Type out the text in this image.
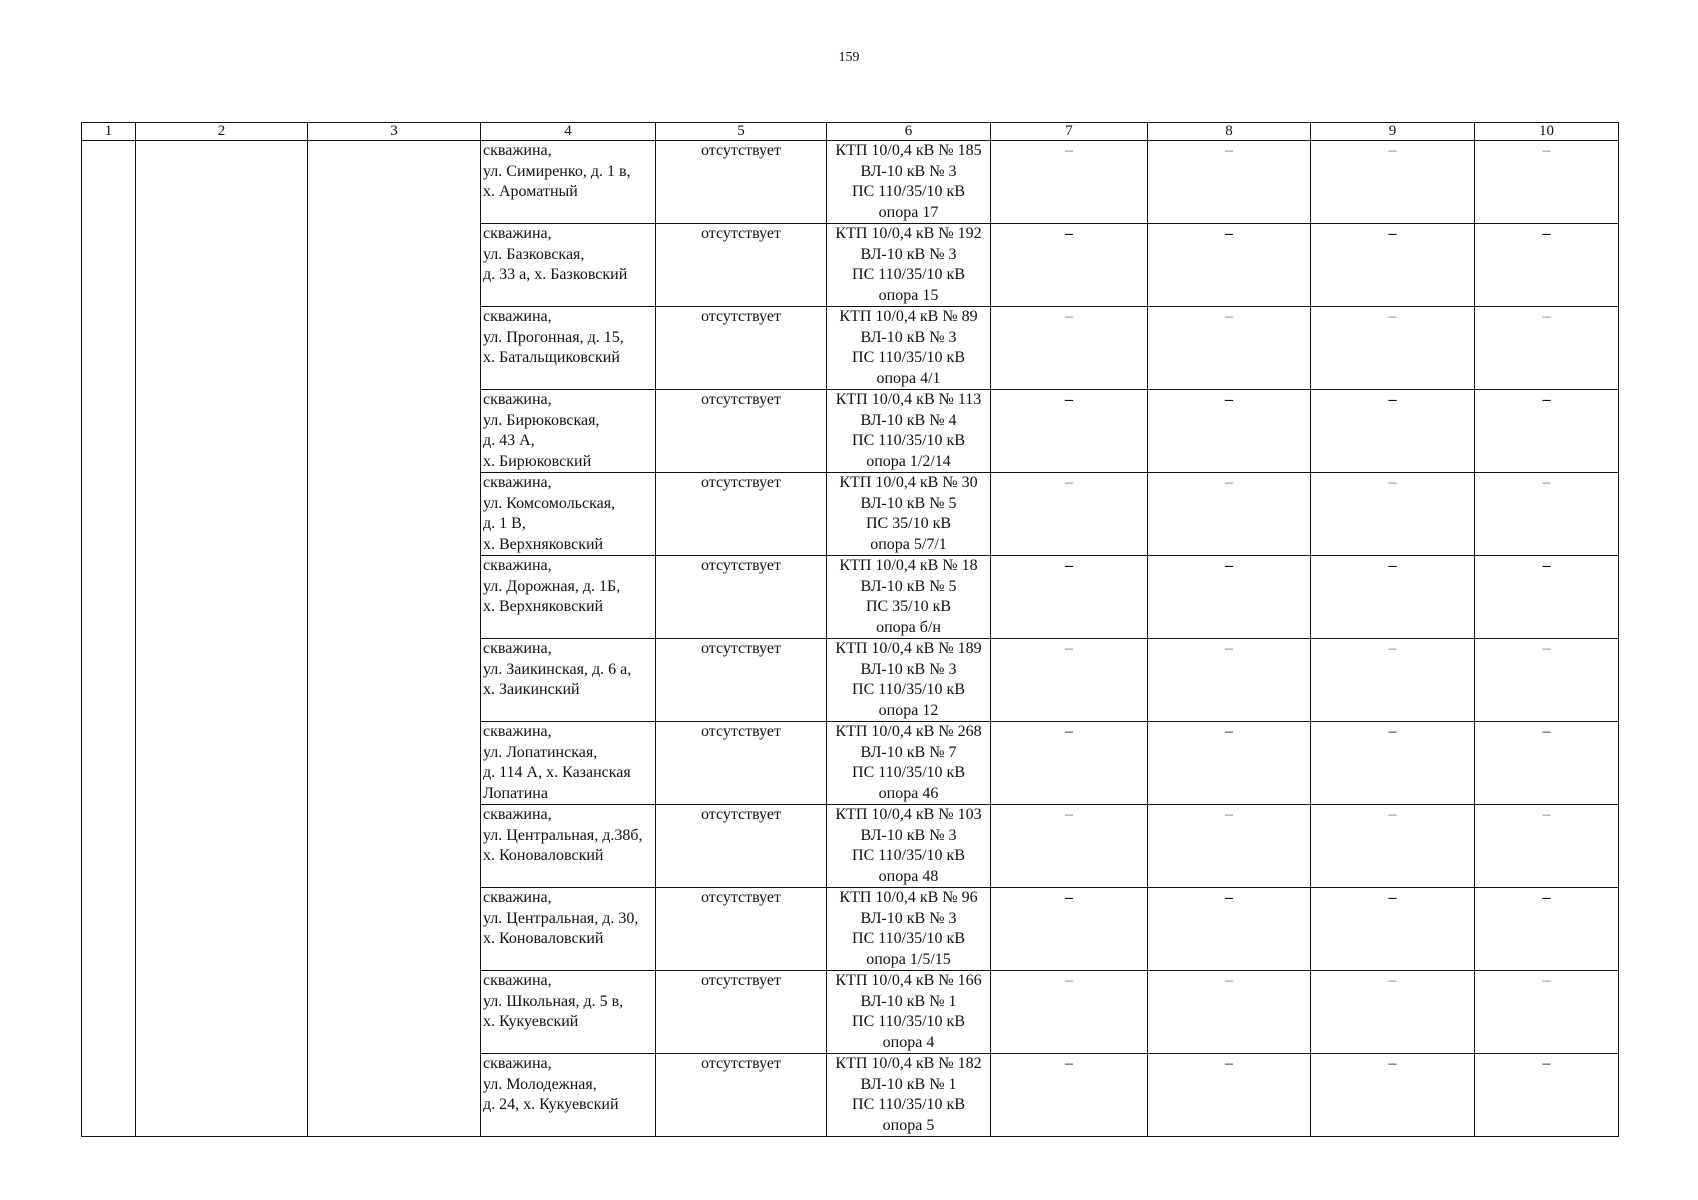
159
1	2	3	4	5	6	7	8	9	10
			скважина,
ул. Симиренко, д. 1 в,
х. Ароматный	отсутствует	КТП 10/0,4 кВ № 185
ВЛ-10 кВ № 3
ПС 110/35/10 кВ
опора 17	–	–	–	–
			скважина,
ул. Базковская,
д. 33 а, х. Базковский	отсутствует	КТП 10/0,4 кВ № 192
ВЛ-10 кВ № 3
ПС 110/35/10 кВ
опора 15	–	–	–	–
			скважина,
ул. Прогонная, д. 15,
х. Батальщиковский	отсутствует	КТП 10/0,4 кВ № 89
ВЛ-10 кВ № 3
ПС 110/35/10 кВ
опора 4/1	–	–	–	–
			скважина,
ул. Бирюковская,
д. 43 А,
х. Бирюковский	отсутствует	КТП 10/0,4 кВ № 113
ВЛ-10 кВ № 4
ПС 110/35/10 кВ
опора 1/2/14	–	–	–	–
			скважина,
ул. Комсомольская,
д. 1 В,
х. Верхняковский	отсутствует	КТП 10/0,4 кВ № 30
ВЛ-10 кВ № 5
ПС 35/10 кВ
опора 5/7/1	–	–	–	–
			скважина,
ул. Дорожная, д. 1Б,
х. Верхняковский	отсутствует	КТП 10/0,4 кВ № 18
ВЛ-10 кВ № 5
ПС 35/10 кВ
опора б/н	–	–	–	–
			скважина,
ул. Заикинская, д. 6 а,
х. Заикинский	отсутствует	КТП 10/0,4 кВ № 189
ВЛ-10 кВ № 3
ПС 110/35/10 кВ
опора 12	–	–	–	–
			скважина,
ул. Лопатинская,
д. 114 А, х. Казанская
Лопатина	отсутствует	КТП 10/0,4 кВ № 268
ВЛ-10 кВ № 7
ПС 110/35/10 кВ
опора 46	–	–	–	–
			скважина,
ул. Центральная, д.38б,
х. Коноваловский	отсутствует	КТП 10/0,4 кВ № 103
ВЛ-10 кВ № 3
ПС 110/35/10 кВ
опора 48	–	–	–	–
			скважина,
ул. Центральная, д. 30,
х. Коноваловский	отсутствует	КТП 10/0,4 кВ № 96
ВЛ-10 кВ № 3
ПС 110/35/10 кВ
опора 1/5/15	–	–	–	–
			скважина,
ул. Школьная, д. 5 в,
х. Кукуевский	отсутствует	КТП 10/0,4 кВ № 166
ВЛ-10 кВ № 1
ПС 110/35/10 кВ
опора 4	–	–	–	–
			скважина,
ул. Молодежная,
д. 24, х. Кукуевский	отсутствует	КТП 10/0,4 кВ № 182
ВЛ-10 кВ № 1
ПС 110/35/10 кВ
опора 5	–	–	–	–
